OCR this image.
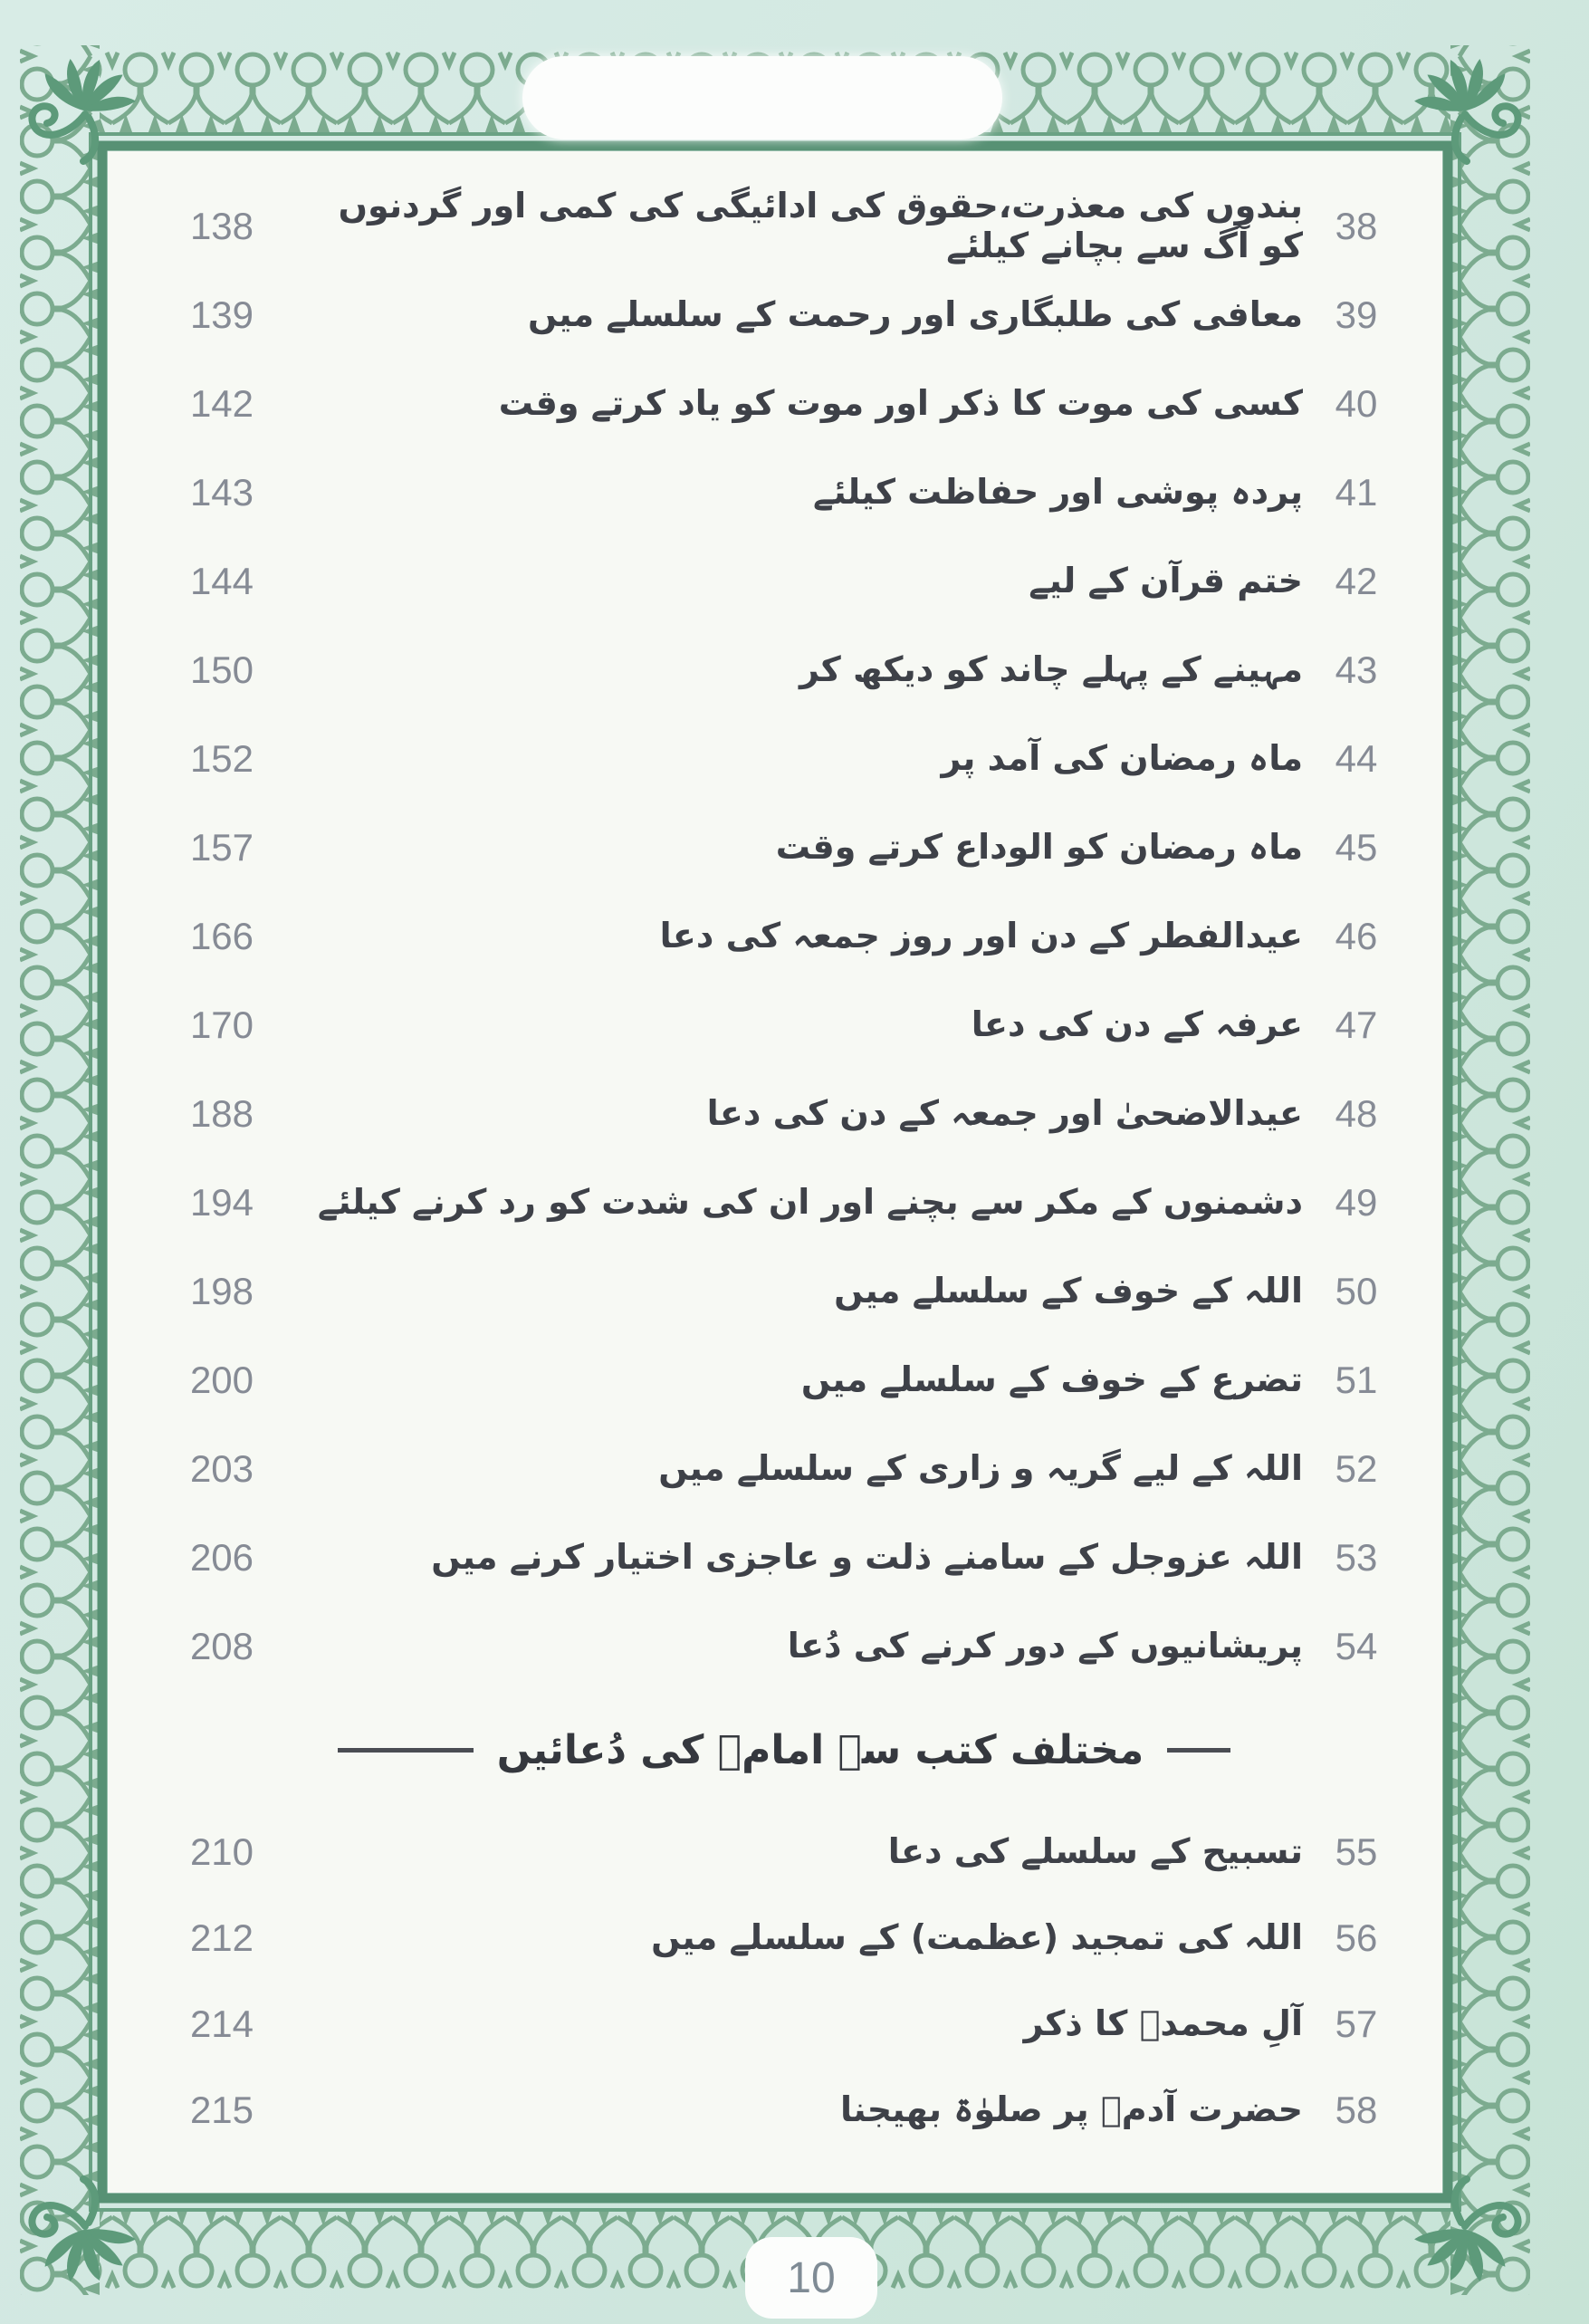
138	بندوں کی معذرت،حقوق کی ادائیگی کی کمی اور گردنوں کو آگ سے بچانے کیلئے 38
139	معافی کی طلبگاری اور رحمت کے سلسلے میں 39
142	کسی کی موت کا ذکر اور موت کو یاد کرتے وقت 40
143	پردہ پوشی اور حفاظت کیلئے 41
144	ختم قرآن کے لیے 42
150	مہینے کے پہلے چاند کو دیکھ کر 43
152	ماہ رمضان کی آمد پر 44
157	ماہ رمضان کو الوداع کرتے وقت 45
166	عیدالفطر کے دن اور روز جمعہ کی دعا 46
170	عرفہ کے دن کی دعا 47
188	عیدالاضحیٰ اور جمعہ کے دن کی دعا 48
194	دشمنوں کے مکر سے بچنے اور ان کی شدت کو رد کرنے کیلئے 49
198	اللہ کے خوف کے سلسلے میں 50
200	تضرع کے خوف کے سلسلے میں 51
203	اللہ کے لیے گریہ و زاری کے سلسلے میں 52
206	اللہ عزوجل کے سامنے ذلت و عاجزی اختیار کرنے میں 53
208	پریشانیوں کے دور کرنے کی دُعا 54
مختلف کتب سے امامؑ کی دُعائیں
210	تسبیح کے سلسلے کی دعا 55
212	اللہ کی تمجید (عظمت) کے سلسلے میں 56
214	آلِ محمدؐ کا ذکر 57
215	حضرت آدمؑ پر صلوٰۃ بھیجنا 58
10
